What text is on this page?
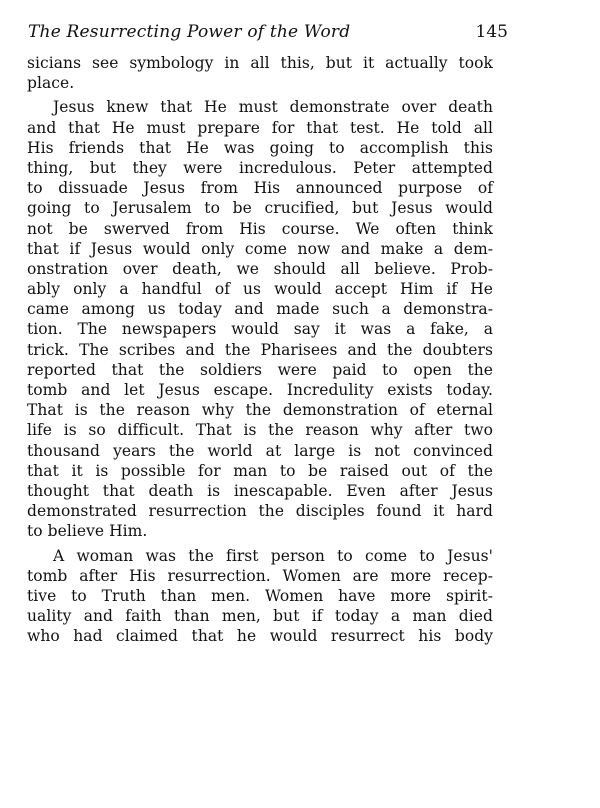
The Resurrecting Power of the Word	145
sicians see symbology in all this, but it actually took
place.
Jesus knew that He must demonstrate over death
and that He must prepare for that test. He told all
His friends that He was going to accomplish this
thing, but they were incredulous. Peter attempted
to dissuade Jesus from His announced purpose of
going to Jerusalem to be crucified, but Jesus would
not be swerved from His course. We often think
that if Jesus would only come now and make a dem-
onstration over death, we should all believe. Prob-
ably only a handful of us would accept Him if He
came among us today and made such a demonstra-
tion. The newspapers would say it was a fake, a
trick. The scribes and the Pharisees and the doubters
reported that the soldiers were paid to open the
tomb and let Jesus escape. Incredulity exists today.
That is the reason why the demonstration of eternal
life is so difficult. That is the reason why after two
thousand years the world at large is not convinced
that it is possible for man to be raised out of the
thought that death is inescapable. Even after Jesus
demonstrated resurrection the disciples found it hard
to believe Him.
A woman was the first person to come to Jesus'
tomb after His resurrection. Women are more recep-
tive to Truth than men. Women have more spirit-
uality and faith than men, but if today a man died
who had claimed that he would resurrect his body
